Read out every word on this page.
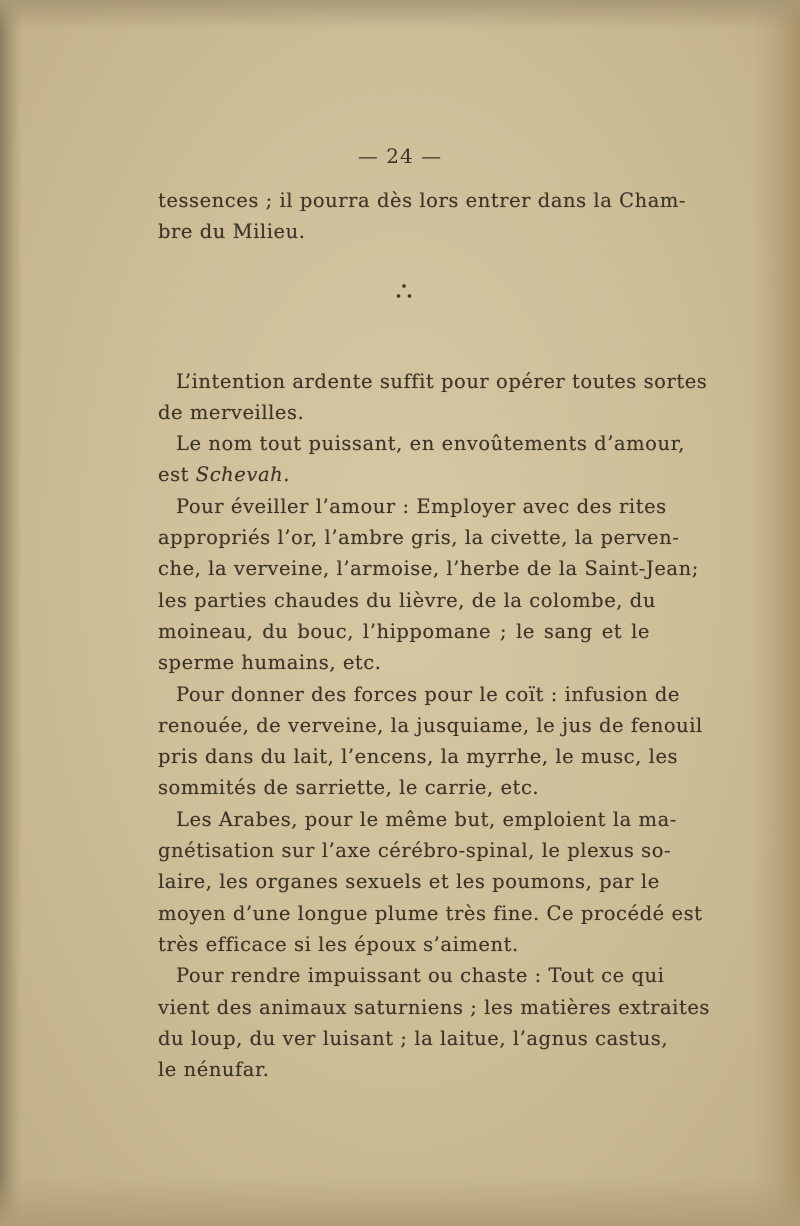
— 24 —
tessences ; il pourra dès lors entrer dans la Cham-
bre du Milieu.
L’intention ardente suffit pour opérer toutes sortes
de merveilles.
Le nom tout puissant, en envoûtements d’amour,
est Schevah.
Pour éveiller l’amour : Employer avec des rites
appropriés l’or, l’ambre gris, la civette, la perven-
che, la verveine, l’armoise, l’herbe de la Saint-Jean;
les parties chaudes du lièvre, de la colombe, du
moineau, du bouc, l’hippomane ; le sang et le
sperme humains, etc.
Pour donner des forces pour le coït : infusion de
renouée, de verveine, la jusquiame, le jus de fenouil
pris dans du lait, l’encens, la myrrhe, le musc, les
sommités de sarriette, le carrie, etc.
Les Arabes, pour le même but, emploient la ma-
gnétisation sur l’axe cérébro-spinal, le plexus so-
laire, les organes sexuels et les poumons, par le
moyen d’une longue plume très fine. Ce procédé est
très efficace si les époux s’aiment.
Pour rendre impuissant ou chaste : Tout ce qui
vient des animaux saturniens ; les matières extraites
du loup, du ver luisant ; la laitue, l’agnus castus,
le nénufar.
